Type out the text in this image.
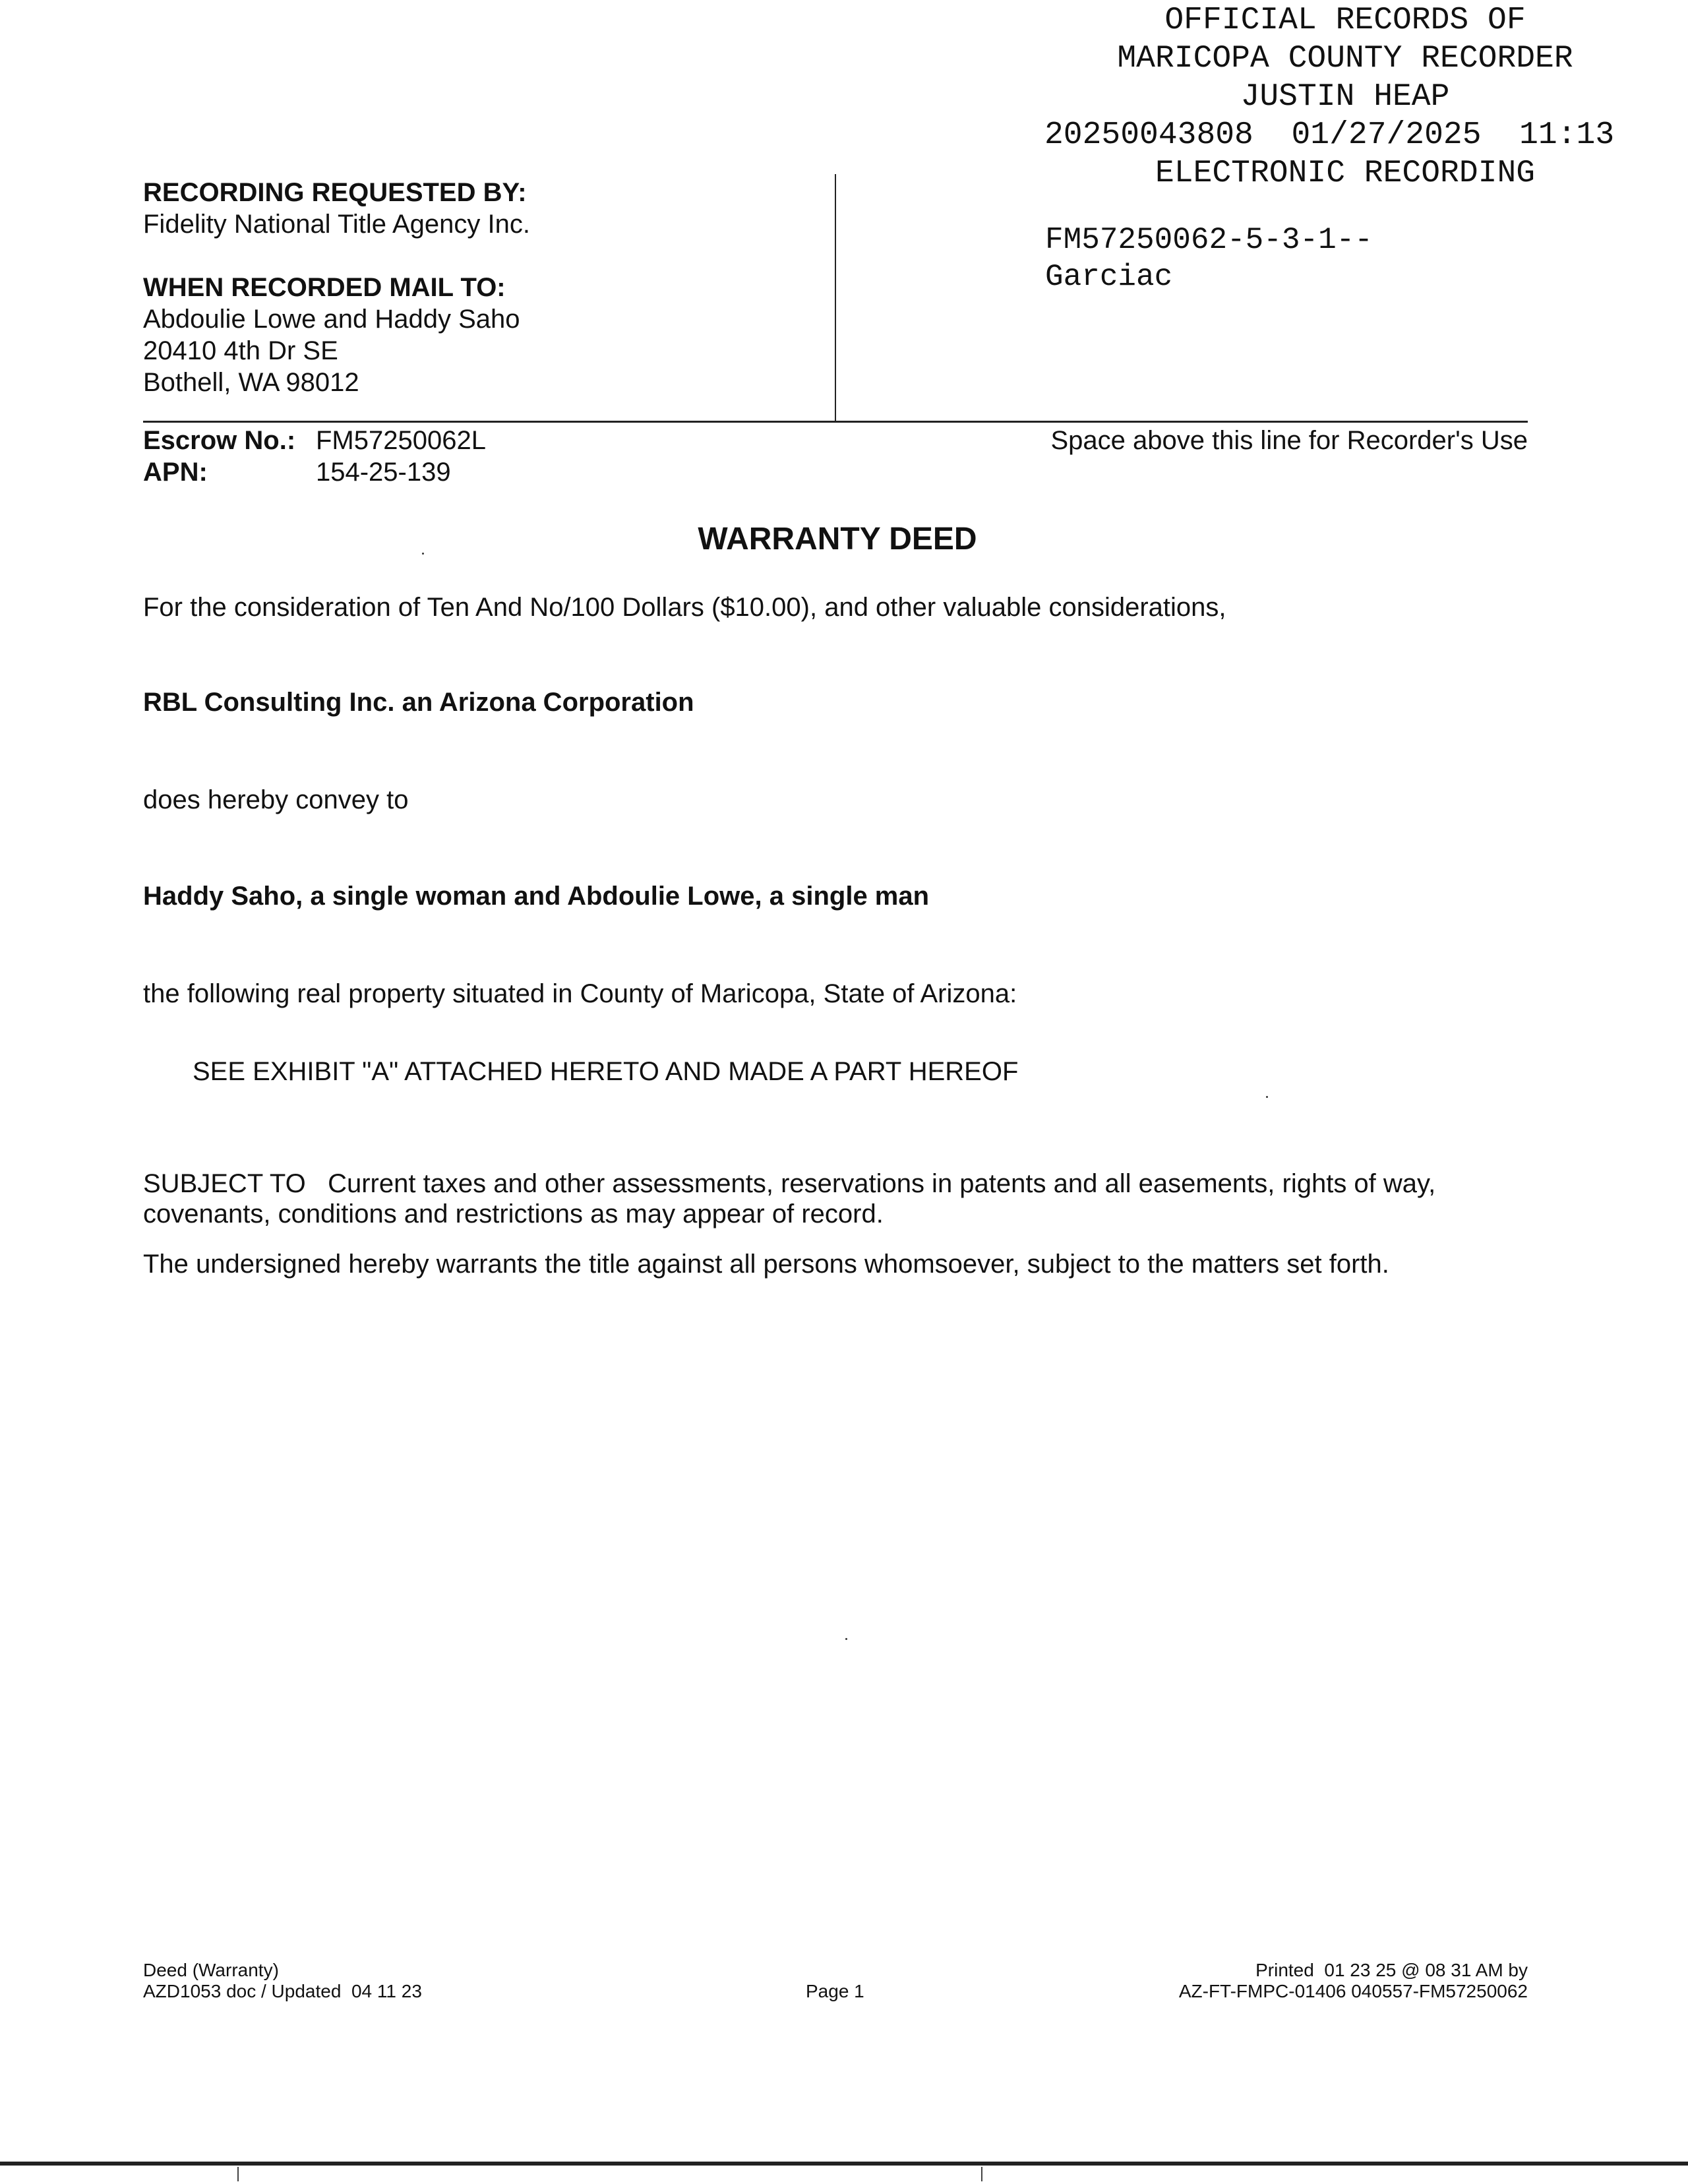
OFFICIAL RECORDS OF
MARICOPA COUNTY RECORDER
JUSTIN HEAP
20250043808 01/27/2025 11:13
ELECTRONIC RECORDING
FM57250062-5-3-1--
Garciac
RECORDING REQUESTED BY:
Fidelity National Title Agency Inc.
WHEN RECORDED MAIL TO:
Abdoulie Lowe and Haddy Saho
20410 4th Dr SE
Bothell, WA 98012
Escrow No.: FM57250062L
APN:	154-25-139
Space above this line for Recorder's Use
WARRANTY DEED
For the consideration of Ten And No/100 Dollars ($10.00), and other valuable considerations,
RBL Consulting Inc. an Arizona Corporation
does hereby convey to
Haddy Saho, a single woman and Abdoulie Lowe, a single man
the following real property situated in County of Maricopa, State of Arizona:
SEE EXHIBIT "A" ATTACHED HERETO AND MADE A PART HEREOF
SUBJECT TO   Current taxes and other assessments, reservations in patents and all easements, rights of way,
covenants, conditions and restrictions as may appear of record.
The undersigned hereby warrants the title against all persons whomsoever, subject to the matters set forth.
Deed (Warranty)
AZD1053 doc / Updated  04 11 23	Page 1
Printed  01 23 25 @ 08 31 AM by
AZ-FT-FMPC-01406 040557-FM57250062
